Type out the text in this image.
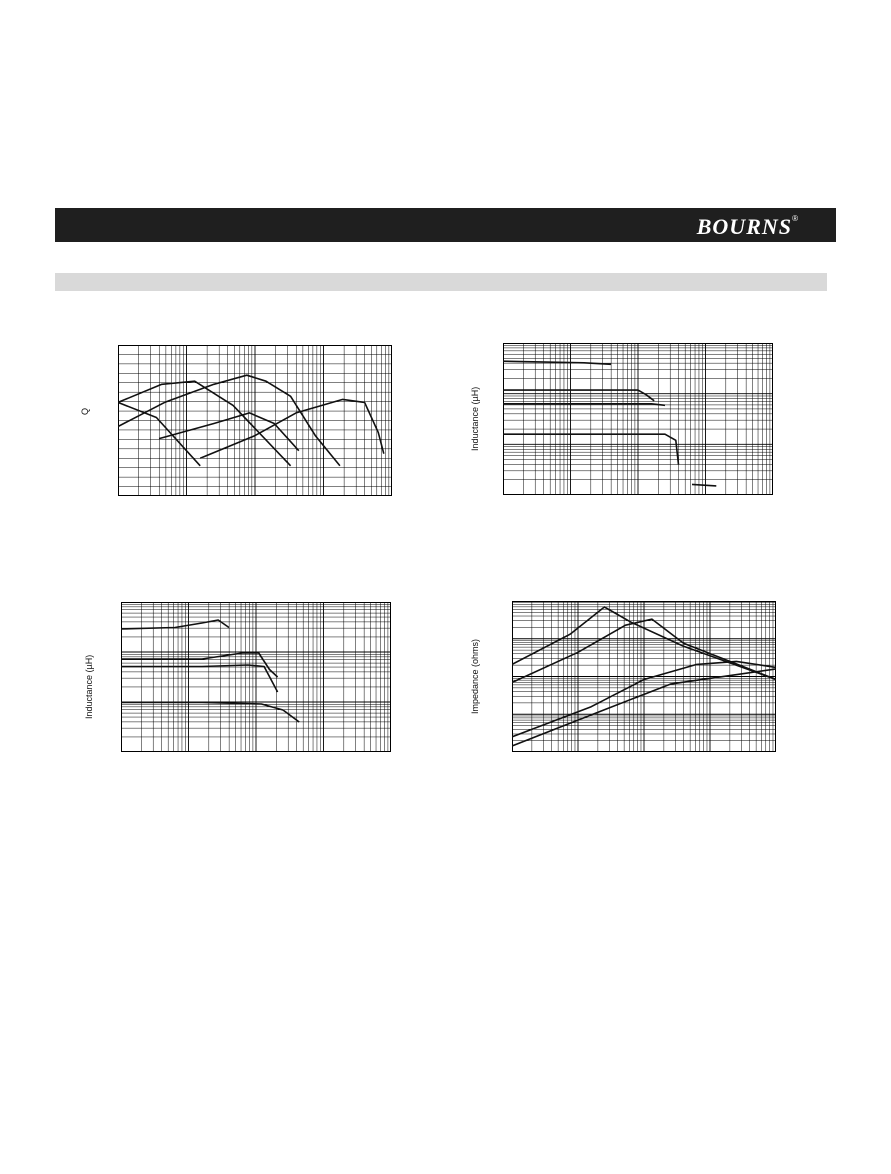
BOURNS ®
Q	Inductance (µH)
Inductance (µH)	Impedance (ohms)
